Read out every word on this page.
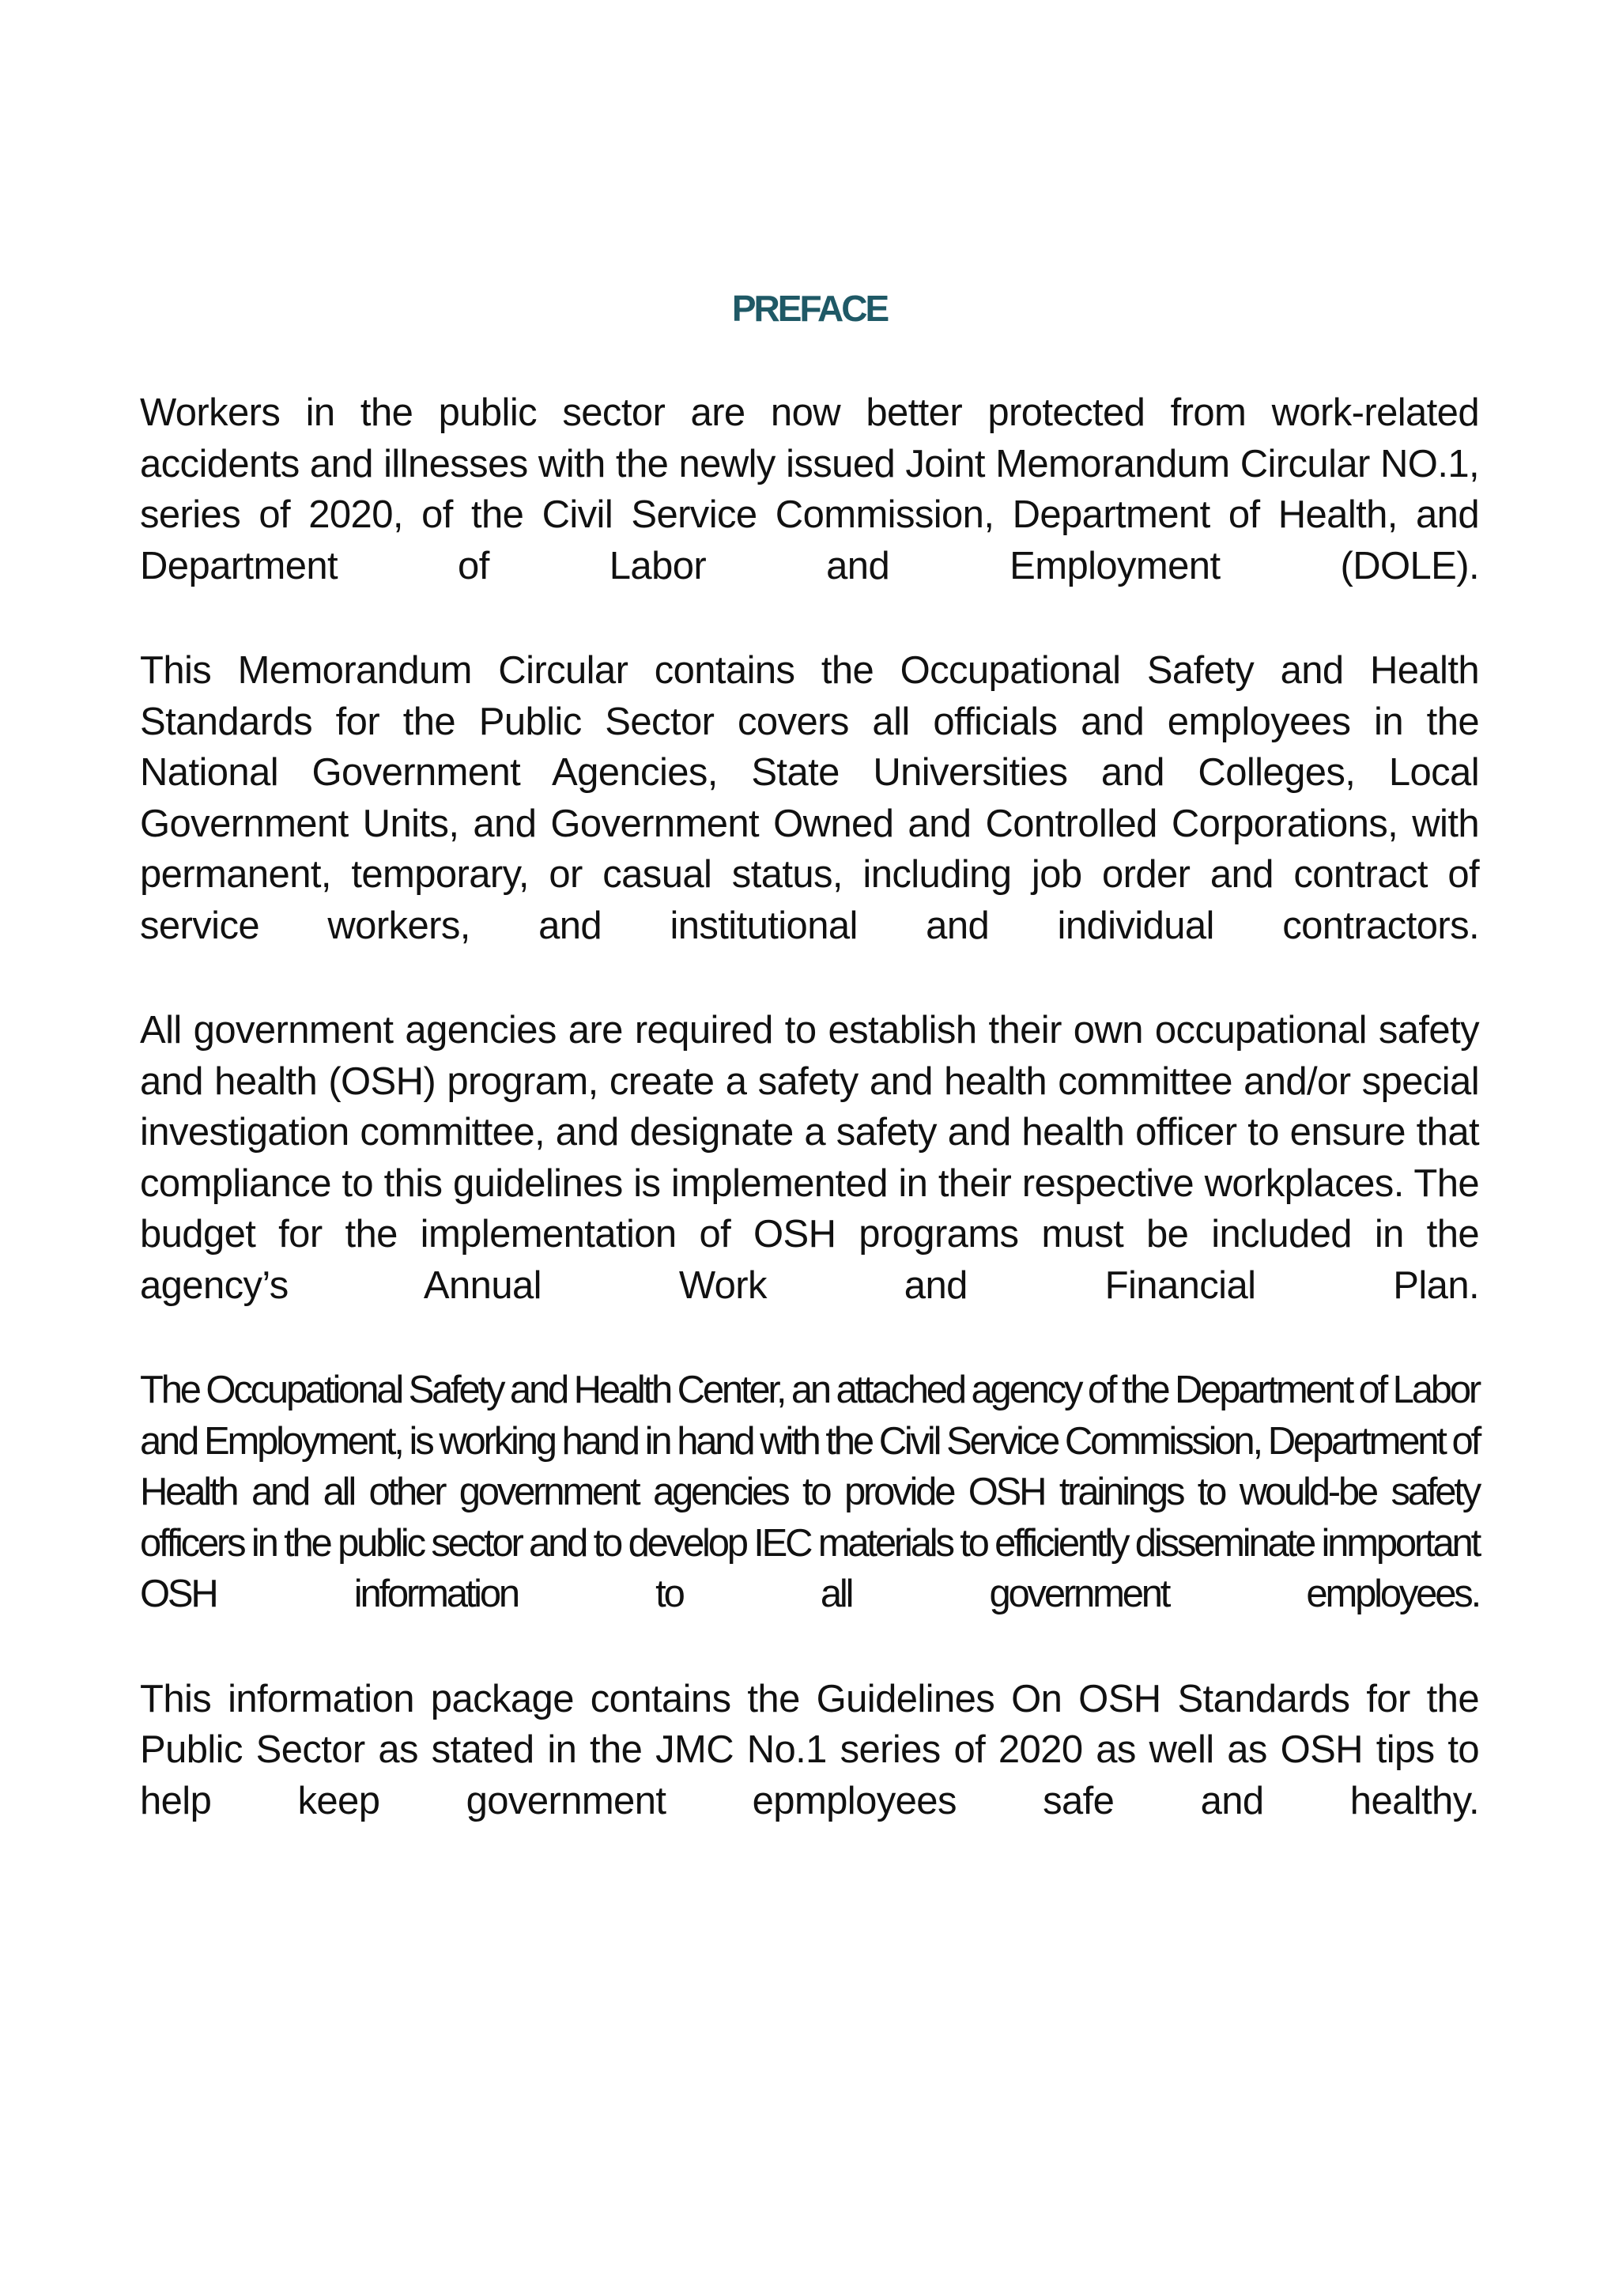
PREFACE

Workers in the public sector are now better protected from work-related accidents and illnesses with the newly issued Joint Memorandum Circular NO.1, series of 2020, of the Civil Service Commission, Department of Health, and Department of Labor and Employment (DOLE).

This Memorandum Circular contains the Occupational Safety and Health Standards for the Public Sector covers all officials and employees in the National Government Agencies, State Universities and Colleges, Local Government Units, and Government Owned and Controlled Corporations, with permanent, temporary, or casual status, including job order and contract of service workers, and institutional and individual contractors.

All government agencies are required to establish their own occupational safety and health (OSH) program, create a safety and health committee and/or special investigation committee, and designate a safety and health officer to ensure that compliance to this guidelines is implemented in their respective workplaces. The budget for the implementation of OSH programs must be included in the agency’s Annual Work and Financial Plan.

The Occupational Safety and Health Center, an attached agency of the Department of Labor and Employment, is working hand in hand with the Civil Service Commission, Department of Health and all other government agencies to provide OSH trainings to would-be safety officers in the public sector and to develop IEC materials to efficiently disseminate inmportant OSH information to all government employees.

This information package contains the Guidelines On OSH Standards for the Public Sector as stated in the JMC No.1 series of 2020 as well as OSH tips to help keep government epmployees safe and healthy.
